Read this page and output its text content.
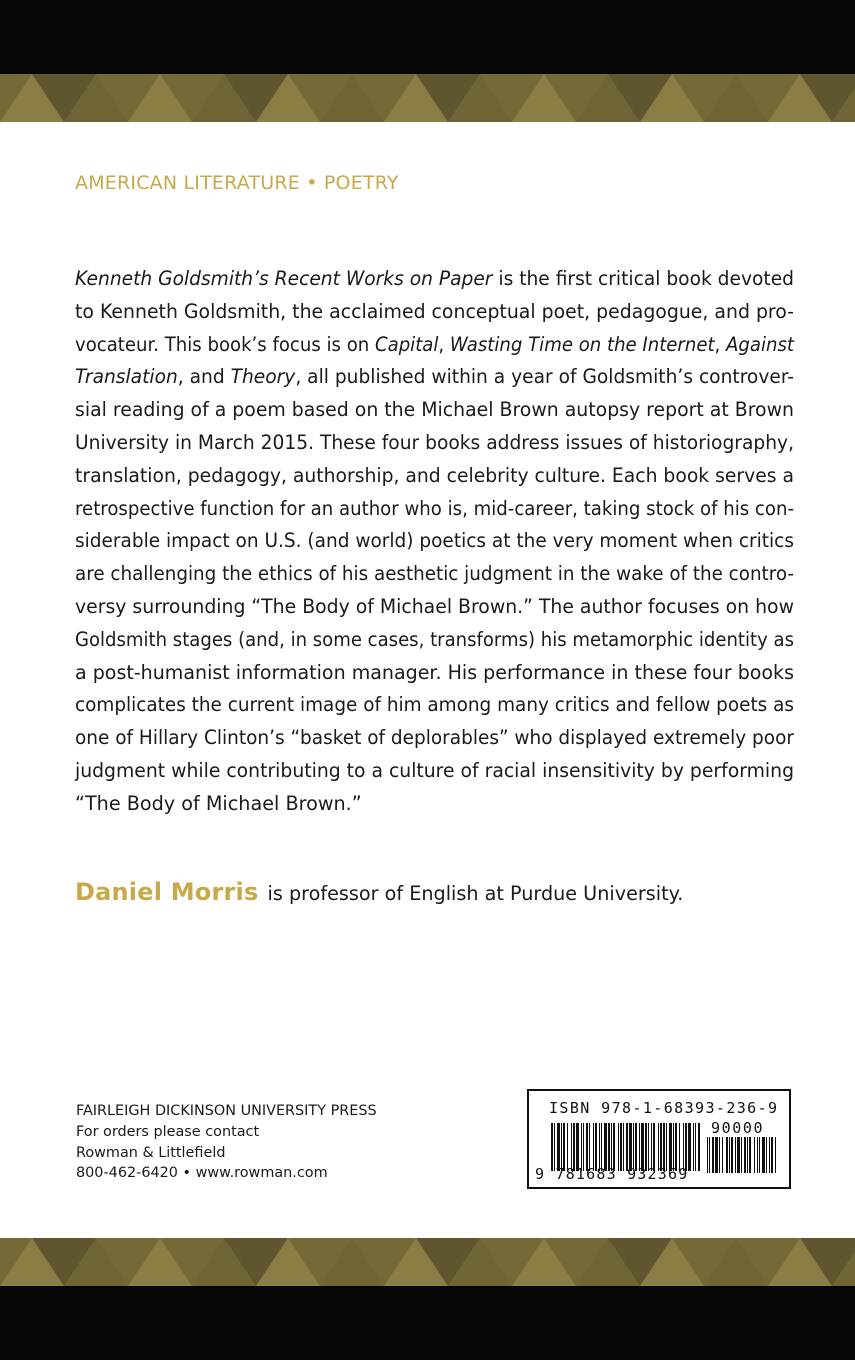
AMERICAN LITERATURE • POETRY
Kenneth Goldsmith’s Recent Works on Paper is the first critical book devoted
to Kenneth Goldsmith, the acclaimed conceptual poet, pedagogue, and pro-
vocateur. This book’s focus is on Capital, Wasting Time on the Internet, Against
Translation, and Theory, all published within a year of Goldsmith’s controver-
sial reading of a poem based on the Michael Brown autopsy report at Brown
University in March 2015. These four books address issues of historiography,
translation, pedagogy, authorship, and celebrity culture. Each book serves a
retrospective function for an author who is, mid-career, taking stock of his con-
siderable impact on U.S. (and world) poetics at the very moment when critics
are challenging the ethics of his aesthetic judgment in the wake of the contro-
versy surrounding “The Body of Michael Brown.” The author focuses on how
Goldsmith stages (and, in some cases, transforms) his metamorphic identity as
a post-humanist information manager. His performance in these four books
complicates the current image of him among many critics and fellow poets as
one of Hillary Clinton’s “basket of deplorables” who displayed extremely poor
judgment while contributing to a culture of racial insensitivity by performing
“The Body of Michael Brown.”
Daniel Morris is professor of English at Purdue University.
FAIRLEIGH DICKINSON UNIVERSITY PRESS
For orders please contact
Rowman & Littlefield
800-462-6420 • www.rowman.com
ISBN 978-1-68393-236-9
90000
9 781683 932369
